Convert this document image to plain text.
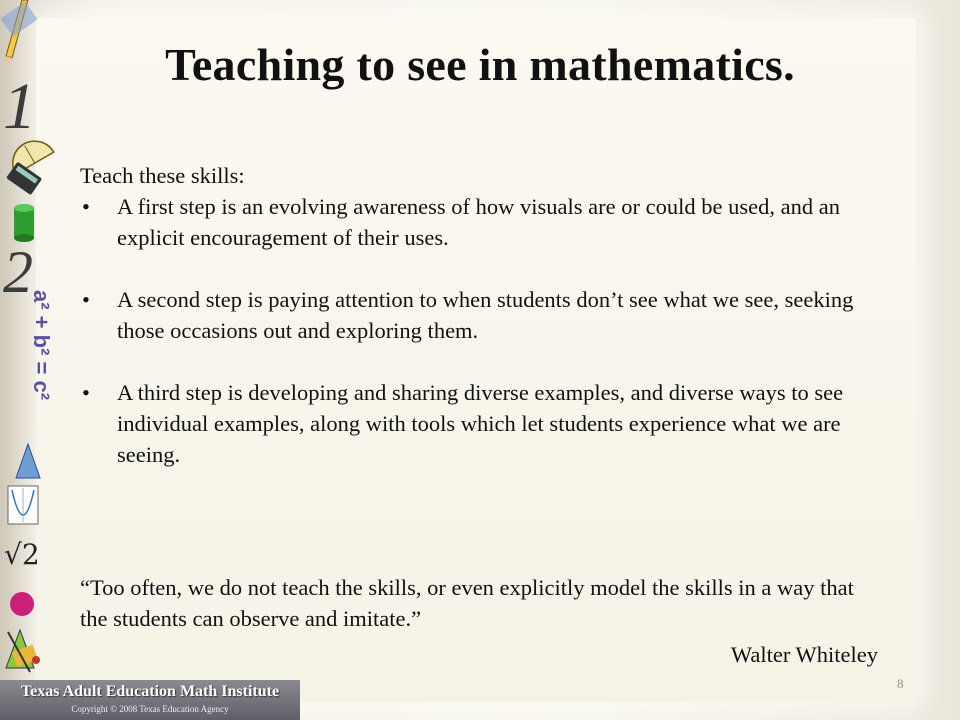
1
2
a² + b² = c²
√2
Teaching to see in mathematics.
Teach these skills:
• A first step is an evolving awareness of how visuals are or could be used, and an explicit encouragement of their uses.
• A second step is paying attention to when students don’t see what we see, seeking those occasions out and exploring them.
• A third step is developing and sharing diverse examples, and diverse ways to see individual examples, along with tools which let students experience what we are seeing.
“Too often, we do not teach the skills, or even explicitly model the skills in a way that the students can observe and imitate.”
Walter Whiteley
8
Texas Adult Education Math Institute
Copyright © 2008 Texas Education Agency
